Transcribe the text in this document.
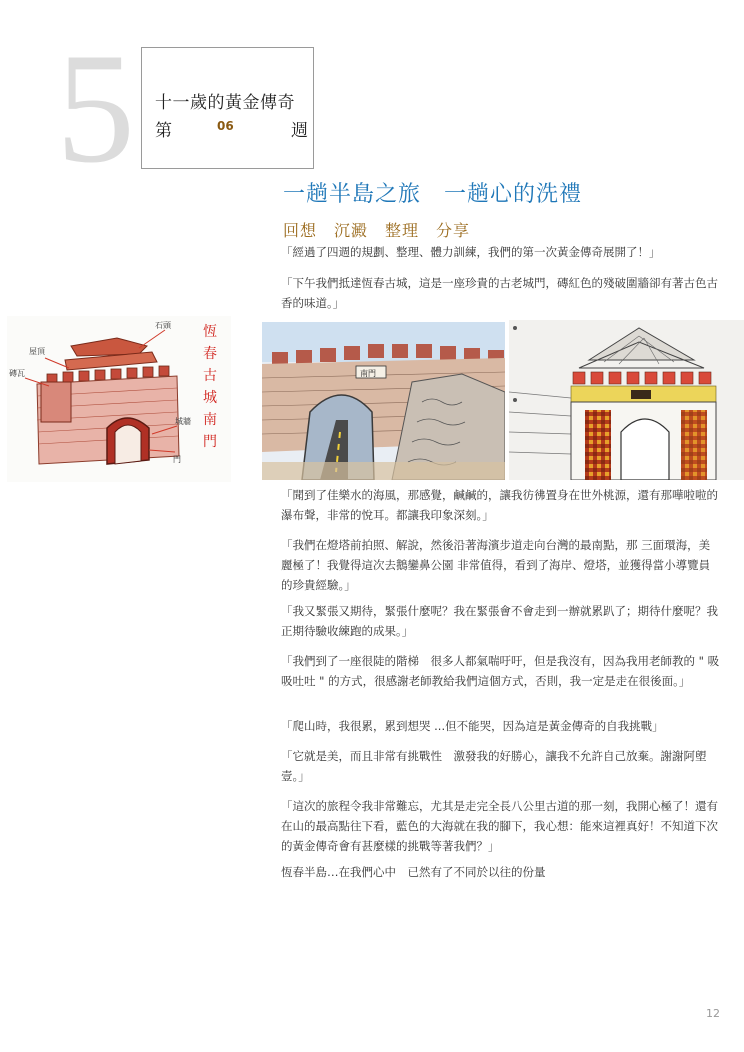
5 十一歲的黃金傳奇
第	06	週
一趟半島之旅　一趟心的洗禮
回想　沉澱　整理　分享
「經過了四週的規劃、整理、體力訓練，我們的第一次黃金傳奇展開了！」
「下午我們抵達恆春古城，這是一座珍貴的古老城門，磚紅色的殘破圍牆卻有著古色古香的味道。」
屋頂
磚瓦
石頭
城牆
門
恆
春
古
城
南
門
南門
「聞到了佳樂水的海風，那感覺，鹹鹹的，讓我彷彿置身在世外桃源，還有那嘩啦啦的瀑布聲，非常的悅耳。都讓我印象深刻。」
「我們在燈塔前拍照、解說，然後沿著海濱步道走向台灣的最南點，那 三面環海，美麗極了！我覺得這次去鵝鑾鼻公園 非常值得，看到了海岸、燈塔，並獲得當小導覽員的珍貴經驗。」
「我又緊張又期待，緊張什麼呢？我在緊張會不會走到一辦就累趴了；期待什麼呢？我正期待驗收練跑的成果。」
「我們到了一座很陡的階梯　很多人都氣喘吁吁，但是我沒有，因為我用老師教的 " 吸吸吐吐 " 的方式，很感謝老師教給我們這個方式，否則，我一定是走在很後面。」
「爬山時，我很累，累到想哭 ...但不能哭，因為這是黃金傳奇的自我挑戰」
「它就是美，而且非常有挑戰性　激發我的好勝心，讓我不允許自己放棄。謝謝阿塱壹。」
「這次的旅程令我非常難忘，尤其是走完全長八公里古道的那一刻，我開心極了！還有在山的最高點往下看，藍色的大海就在我的腳下，我心想：能來這裡真好！不知道下次的黃金傳奇會有甚麼樣的挑戰等著我們？」
恆春半島…在我們心中　已然有了不同於以往的份量
12
